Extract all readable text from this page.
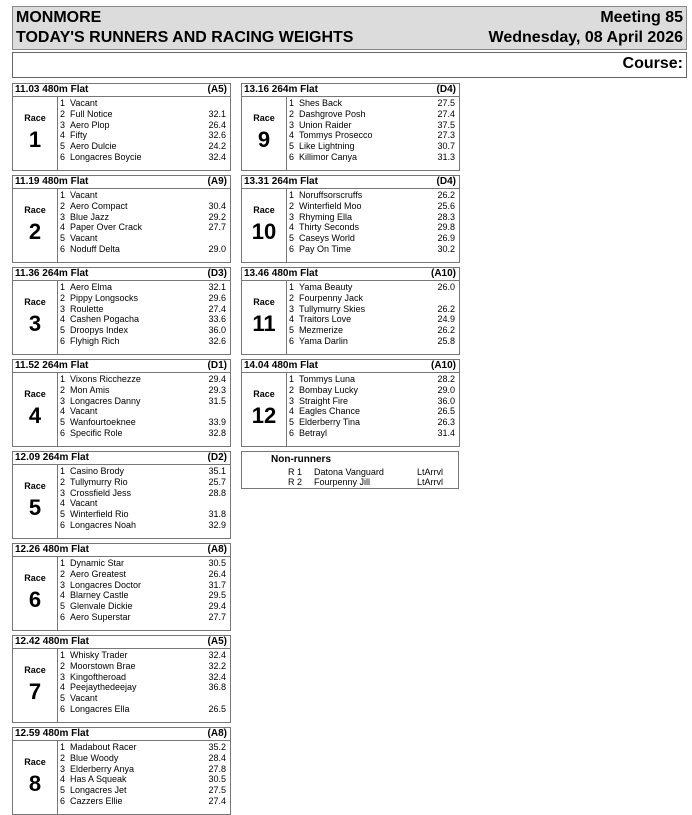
MONMORE
TODAY'S RUNNERS AND RACING WEIGHTS
Meeting 85
Wednesday, 08 April 2026
Course:
11.03 480m Flat	(A5)
Race
1
1 Vacant
2 Full Notice	32.1
3 Aero Plop	26.4
4 Fifty	32.6
5 Aero Dulcie	24.2
6 Longacres Boycie	32.4
11.19 480m Flat	(A9)
Race
2
1 Vacant
2 Aero Compact	30.4
3 Blue Jazz	29.2
4 Paper Over Crack	27.7
5 Vacant
6 Noduff Delta	29.0
11.36 264m Flat	(D3)
Race
3
1 Aero Elma	32.1
2 Pippy Longsocks	29.6
3 Roulette	27.4
4 Cashen Pogacha	33.6
5 Droopys Index	36.0
6 Flyhigh Rich	32.6
11.52 264m Flat	(D1)
Race
4
1 Vixons Ricchezze	29.4
2 Mon Amis	29.3
3 Longacres Danny	31.5
4 Vacant
5 Wanfourtoeknee	33.9
6 Specific Role	32.8
12.09 264m Flat	(D2)
Race
5
1 Casino Brody	35.1
2 Tullymurry Rio	25.7
3 Crossfield Jess	28.8
4 Vacant
5 Winterfield Rio	31.8
6 Longacres Noah	32.9
12.26 480m Flat	(A8)
Race
6
1 Dynamic Star	30.5
2 Aero Greatest	26.4
3 Longacres Doctor	31.7
4 Blarney Castle	29.5
5 Glenvale Dickie	29.4
6 Aero Superstar	27.7
12.42 480m Flat	(A5)
Race
7
1 Whisky Trader	32.4
2 Moorstown Brae	32.2
3 Kingoftheroad	32.4
4 Peejaythedeejay	36.8
5 Vacant
6 Longacres Ella	26.5
12.59 480m Flat	(A8)
Race
8
1 Madabout Racer	35.2
2 Blue Woody	28.4
3 Elderberry Anya	27.8
4 Has A Squeak	30.5
5 Longacres Jet	27.5
6 Cazzers Ellie	27.4
13.16 264m Flat	(D4)
Race
9
1 Shes Back	27.5
2 Dashgrove Posh	27.4
3 Union Raider	37.5
4 Tommys Prosecco	27.3
5 Like Lightning	30.7
6 Killimor Canya	31.3
13.31 264m Flat	(D4)
Race
10
1 Noruffsorscruffs	26.2
2 Winterfield Moo	25.6
3 Rhyming Ella	28.3
4 Thirty Seconds	29.8
5 Caseys World	26.9
6 Pay On Time	30.2
13.46 480m Flat	(A10)
Race
11
1 Yama Beauty	26.0
2 Fourpenny Jack
3 Tullymurry Skies	26.2
4 Traitors Love	24.9
5 Mezmerize	26.2
6 Yama Darlin	25.8
14.04 480m Flat	(A10)
Race
12
1 Tommys Luna	28.2
2 Bombay Lucky	29.0
3 Straight Fire	36.0
4 Eagles Chance	26.5
5 Elderberry Tina	26.3
6 Betrayl	31.4
Non-runners
R 1 Datona Vanguard	LtArrvl
R 2 Fourpenny Jill	LtArrvl
